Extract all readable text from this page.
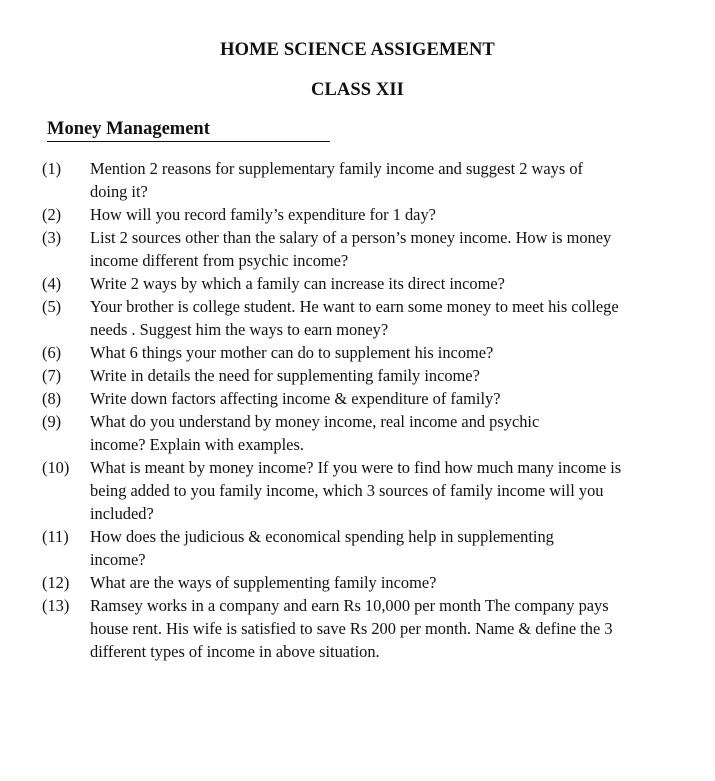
HOME SCIENCE ASSIGEMENT
CLASS XII
Money Management
(1)	Mention 2 reasons for supplementary family income and suggest 2 ways of
doing it?
(2)	How will you record family’s expenditure for 1 day?
(3)	List 2 sources other than the salary of a person’s money income. How is money
income different from psychic income?
(4)	Write 2 ways by which a family can increase its direct income?
(5)	Your brother is college student. He want to earn some money to meet his college
needs . Suggest him the ways to earn money?
(6)	What 6 things your mother can do to supplement his income?
(7)	Write in details the need for supplementing family income?
(8)	Write down factors affecting income & expenditure of family?
(9)	What do you understand by money income, real income and psychic
income? Explain with examples.
(10)	What is meant by money income? If you were to find how much many income is
being added to you family income, which 3 sources of family income will you
included?
(11)	How does the judicious & economical spending help in supplementing
income?
(12)	What are the ways of supplementing family income?
(13)	Ramsey works in a company and earn Rs 10,000 per month The company pays
house rent. His wife is satisfied to save Rs 200 per month. Name & define the 3
different types of income in above situation.
